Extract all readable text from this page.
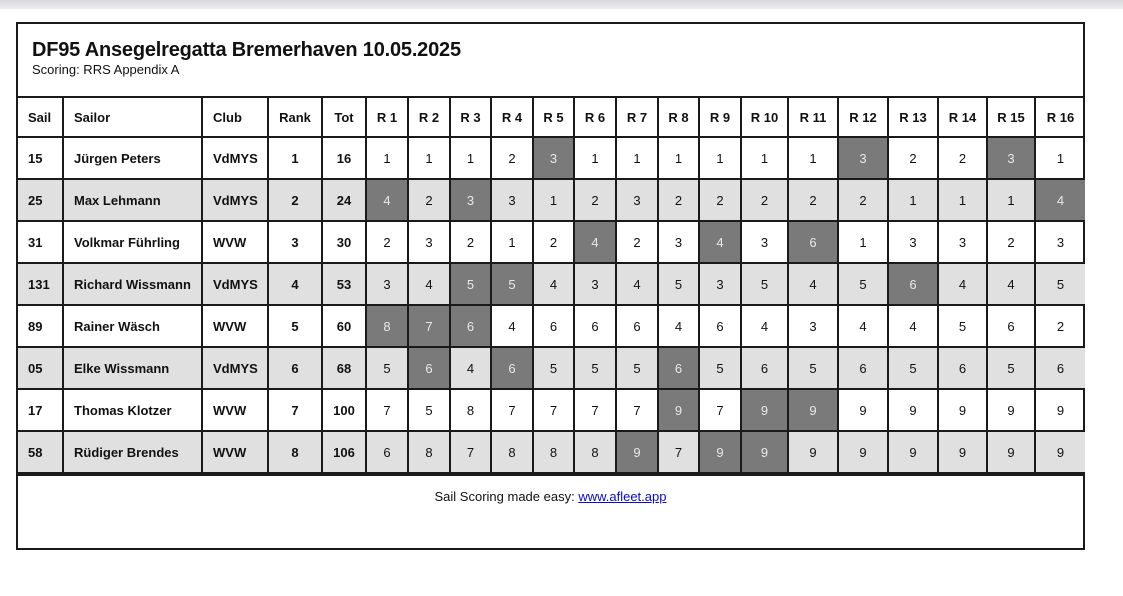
DF95 Ansegelregatta Bremerhaven 10.05.2025
Scoring: RRS Appendix A
Sail	Sailor	Club	Rank	Tot	R 1	R 2	R 3	R 4	R 5	R 6	R 7	R 8	R 9	R 10	R 11	R 12	R 13	R 14	R 15	R 16
15	Jürgen Peters	VdMYS	1	16	1	1	1	2	3	1	1	1	1	1	1	3	2	2	3	1
25	Max Lehmann	VdMYS	2	24	4	2	3	3	1	2	3	2	2	2	2	2	1	1	1	4
31	Volkmar Führling	WVW	3	30	2	3	2	1	2	4	2	3	4	3	6	1	3	3	2	3
131	Richard Wissmann	VdMYS	4	53	3	4	5	5	4	3	4	5	3	5	4	5	6	4	4	5
89	Rainer Wäsch	WVW	5	60	8	7	6	4	6	6	6	4	6	4	3	4	4	5	6	2
05	Elke Wissmann	VdMYS	6	68	5	6	4	6	5	5	5	6	5	6	5	6	5	6	5	6
17	Thomas Klotzer	WVW	7	100	7	5	8	7	7	7	7	9	7	9	9	9	9	9	9	9
58	Rüdiger Brendes	WVW	8	106	6	8	7	8	8	8	9	7	9	9	9	9	9	9	9	9
Sail Scoring made easy: www.afleet.app
